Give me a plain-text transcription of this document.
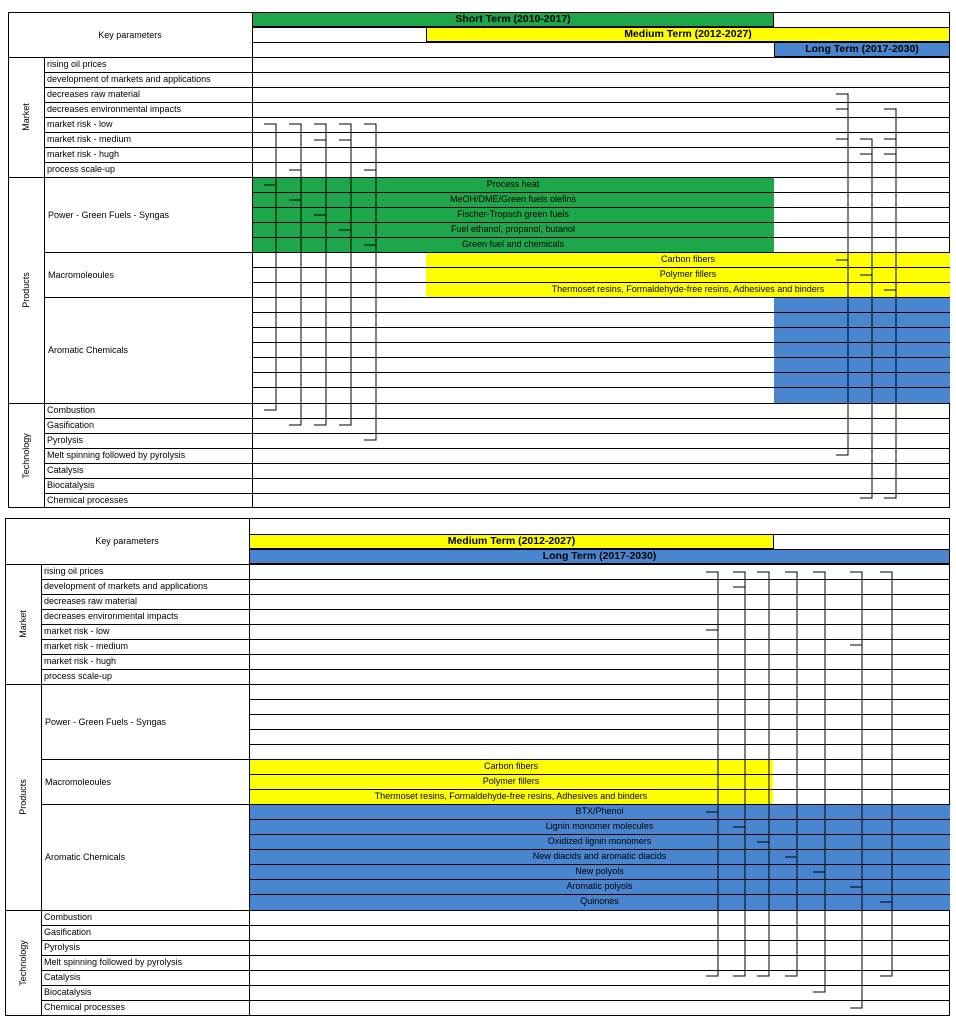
Key parameters
Short Term (2010-2017)
Medium Term (2012-2027)
Long Term (2017-2030)
Market
Products
Technology
rising oil prices
development of markets and applications
decreases raw material
decreases environmental impacts
market risk - low
market risk - medium
market risk - hugh
process scale-up
Power - Green Fuels - Syngas
Macromoleoules
Aromatic Chemicals
Process heat
MeOH/DME/Green fuels olefins
Fischer-Tropsch green fuels
Fuel ethanol, propanol, butanol
Green fuel and chemicals
Carbon fibers
Polymer fillers
Thermoset resins, Formaldehyde-free resins, Adhesives and binders
Combustion
Gasification
Pyrolysis
Melt spinning followed by pyrolysis
Catalysis
Biocatalysis
Chemical processes
Key parameters	Medium Term (2012-2027)
Long Term (2017-2030)
Market
Products
Technology
rising oil prices
development of markets and applications
decreases raw material
decreases environmental impacts
market risk - low
market risk - medium
market risk - hugh
process scale-up
Power - Green Fuels - Syngas
Macromoleoules
Aromatic Chemicals
Carbon fibers
Polymer fillers
Thermoset resins, Formaldehyde-free resins, Adhesives and binders
BTX/Phenol
Lignin monomer molecules
Oxidized lignin monomers
New diacids and aromatic diacids
New polyols
Aromatic polyols
Quinones
Combustion
Gasification
Pyrolysis
Melt spinning followed by pyrolysis
Catalysis
Biocatalysis
Chemical processes
